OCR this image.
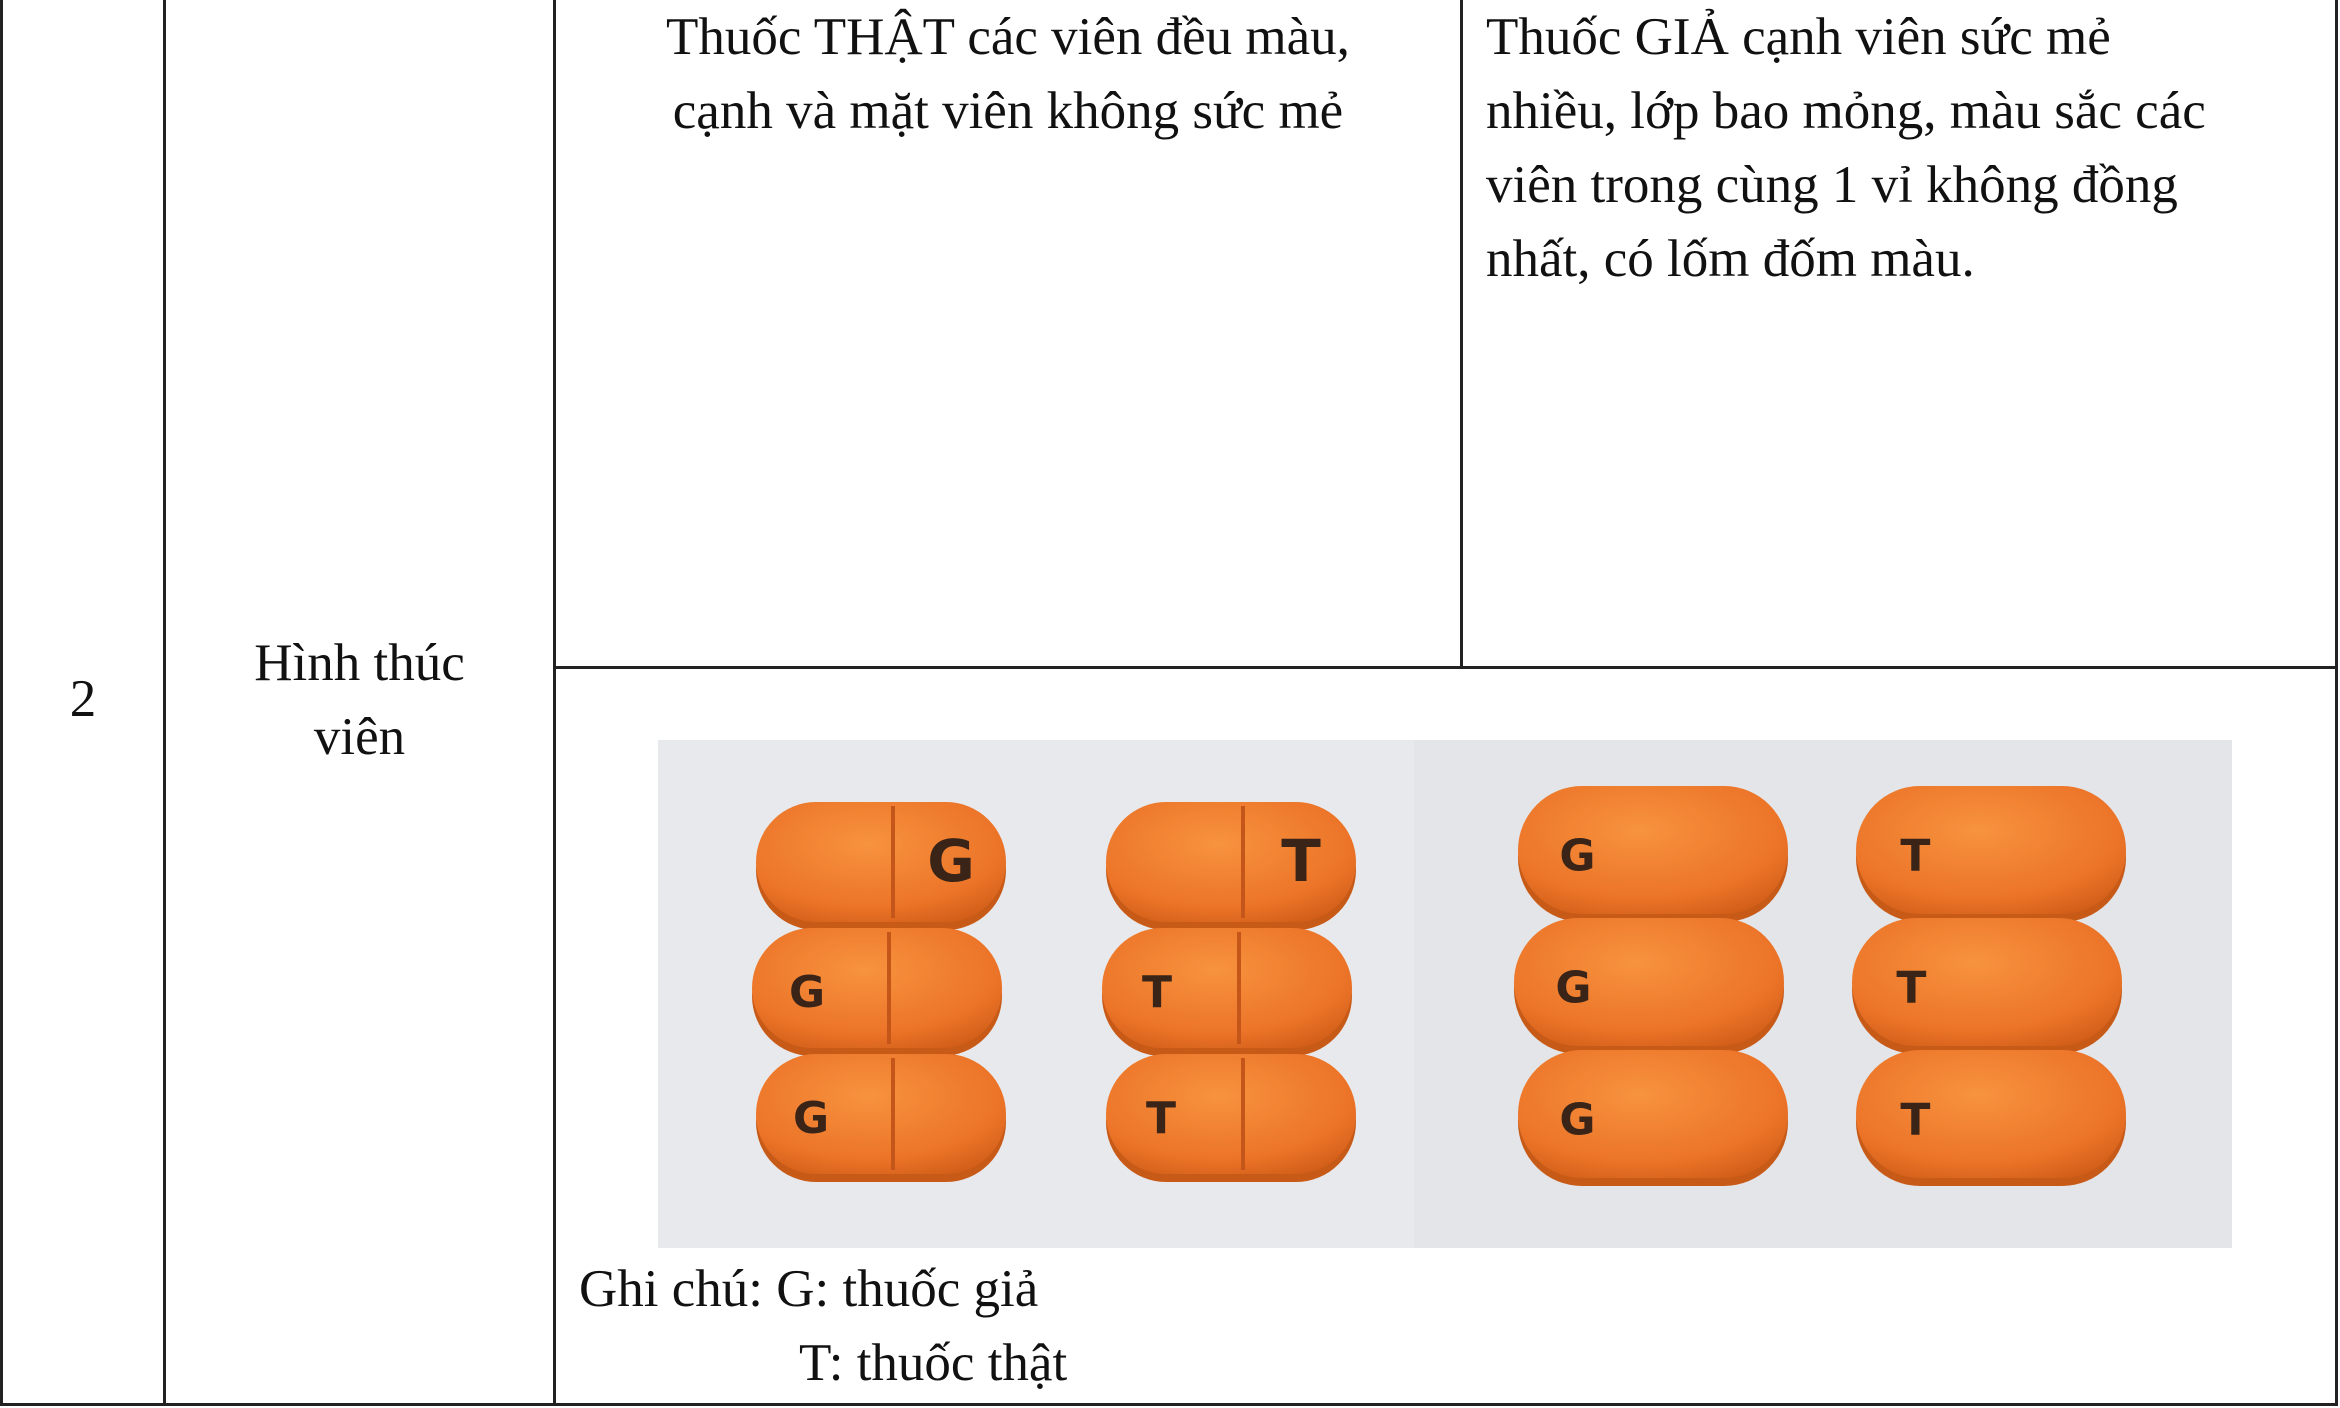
2
Hình thúc
viên
Thuốc THẬT các viên đều màu,
cạnh và mặt viên không sức mẻ
Thuốc GIẢ cạnh viên sức mẻ
nhiều, lớp bao mỏng, màu sắc các
viên trong cùng 1 vỉ không đồng
nhất, có lốm đốm màu.
G
G
G
T
T
T
G
G
G
T
T
T
Ghi chú: G: thuốc giả
T: thuốc thật
